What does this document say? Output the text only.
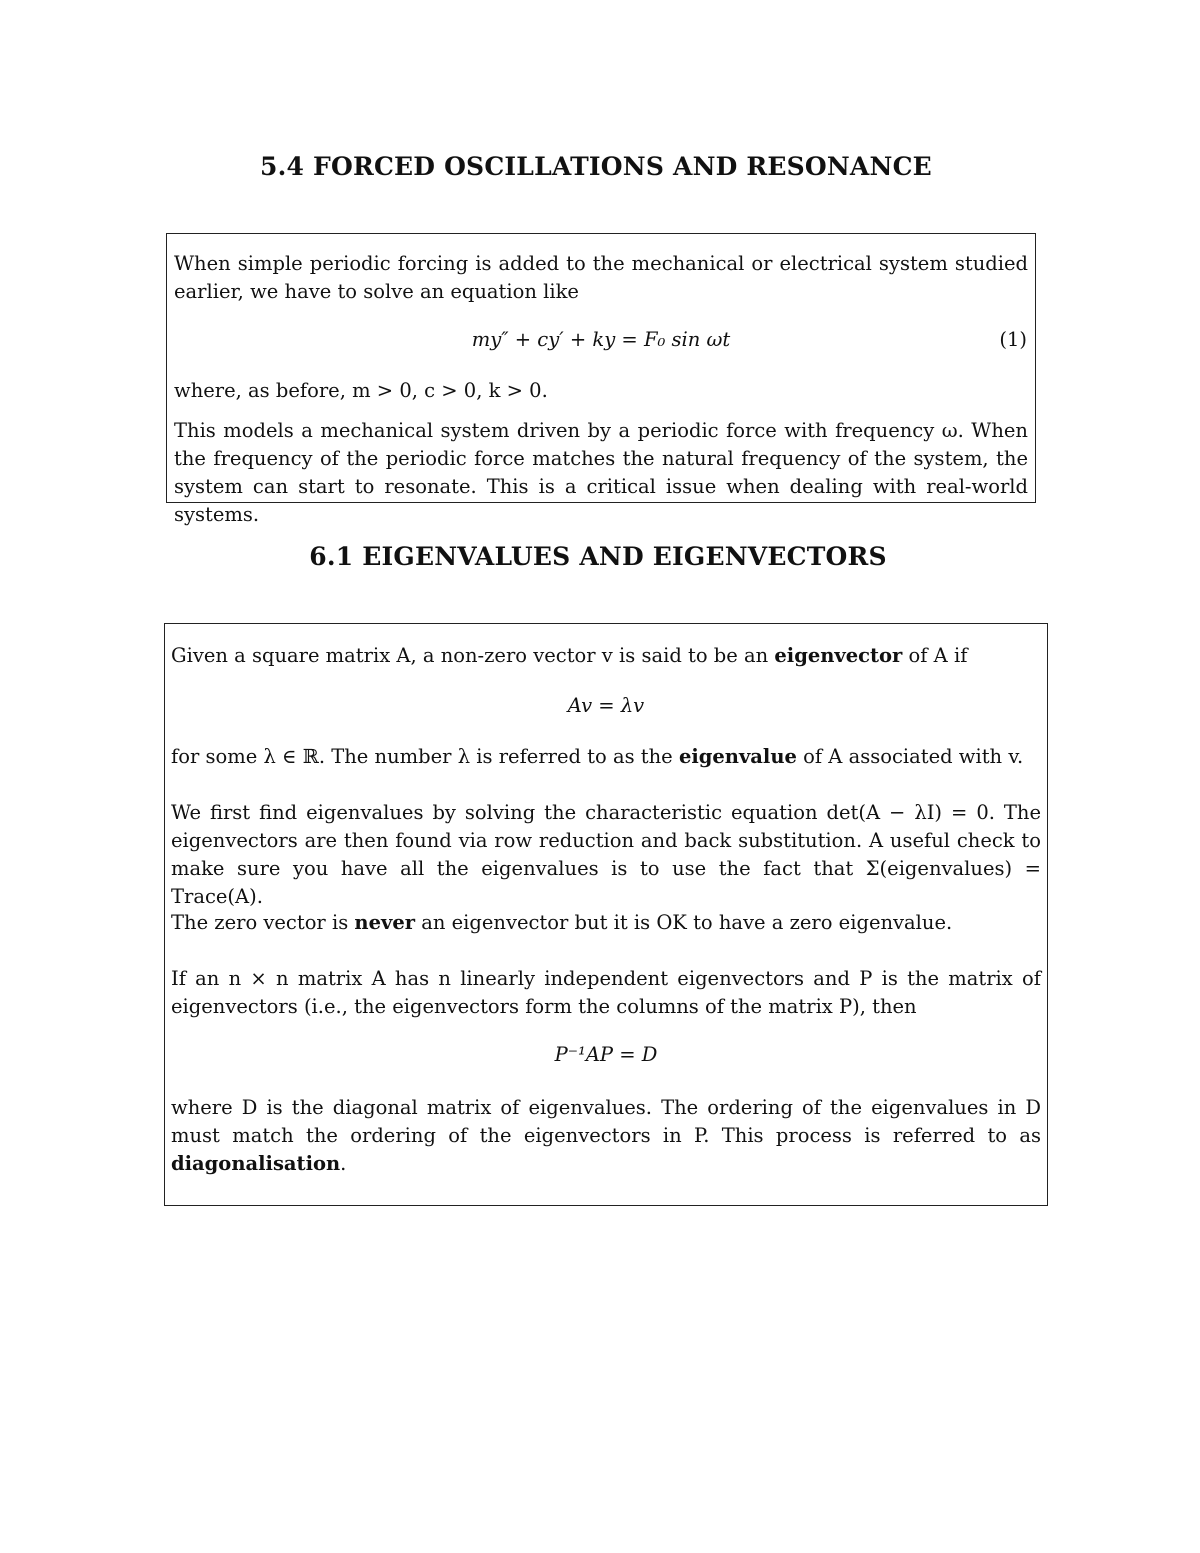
5.4 FORCED OSCILLATIONS AND RESONANCE
When simple periodic forcing is added to the mechanical or electrical system studied earlier, we have to solve an equation like
my″ + cy′ + ky = F₀ sin ωt	(1)
where, as before, m > 0, c > 0, k > 0.
This models a mechanical system driven by a periodic force with frequency ω. When the frequency of the periodic force matches the natural frequency of the system, the system can start to resonate. This is a critical issue when dealing with real-world systems.
6.1 EIGENVALUES AND EIGENVECTORS
Given a square matrix A, a non-zero vector v is said to be an eigenvector of A if
Av = λv
for some λ ∈ ℝ. The number λ is referred to as the eigenvalue of A associated with v.
We first find eigenvalues by solving the characteristic equation det(A − λI) = 0. The eigenvectors are then found via row reduction and back substitution. A useful check to make sure you have all the eigenvalues is to use the fact that Σ(eigenvalues) = Trace(A).
The zero vector is never an eigenvector but it is OK to have a zero eigenvalue.
If an n × n matrix A has n linearly independent eigenvectors and P is the matrix of eigenvectors (i.e., the eigenvectors form the columns of the matrix P), then
P⁻¹AP = D
where D is the diagonal matrix of eigenvalues. The ordering of the eigenvalues in D must match the ordering of the eigenvectors in P. This process is referred to as diagonalisation.
